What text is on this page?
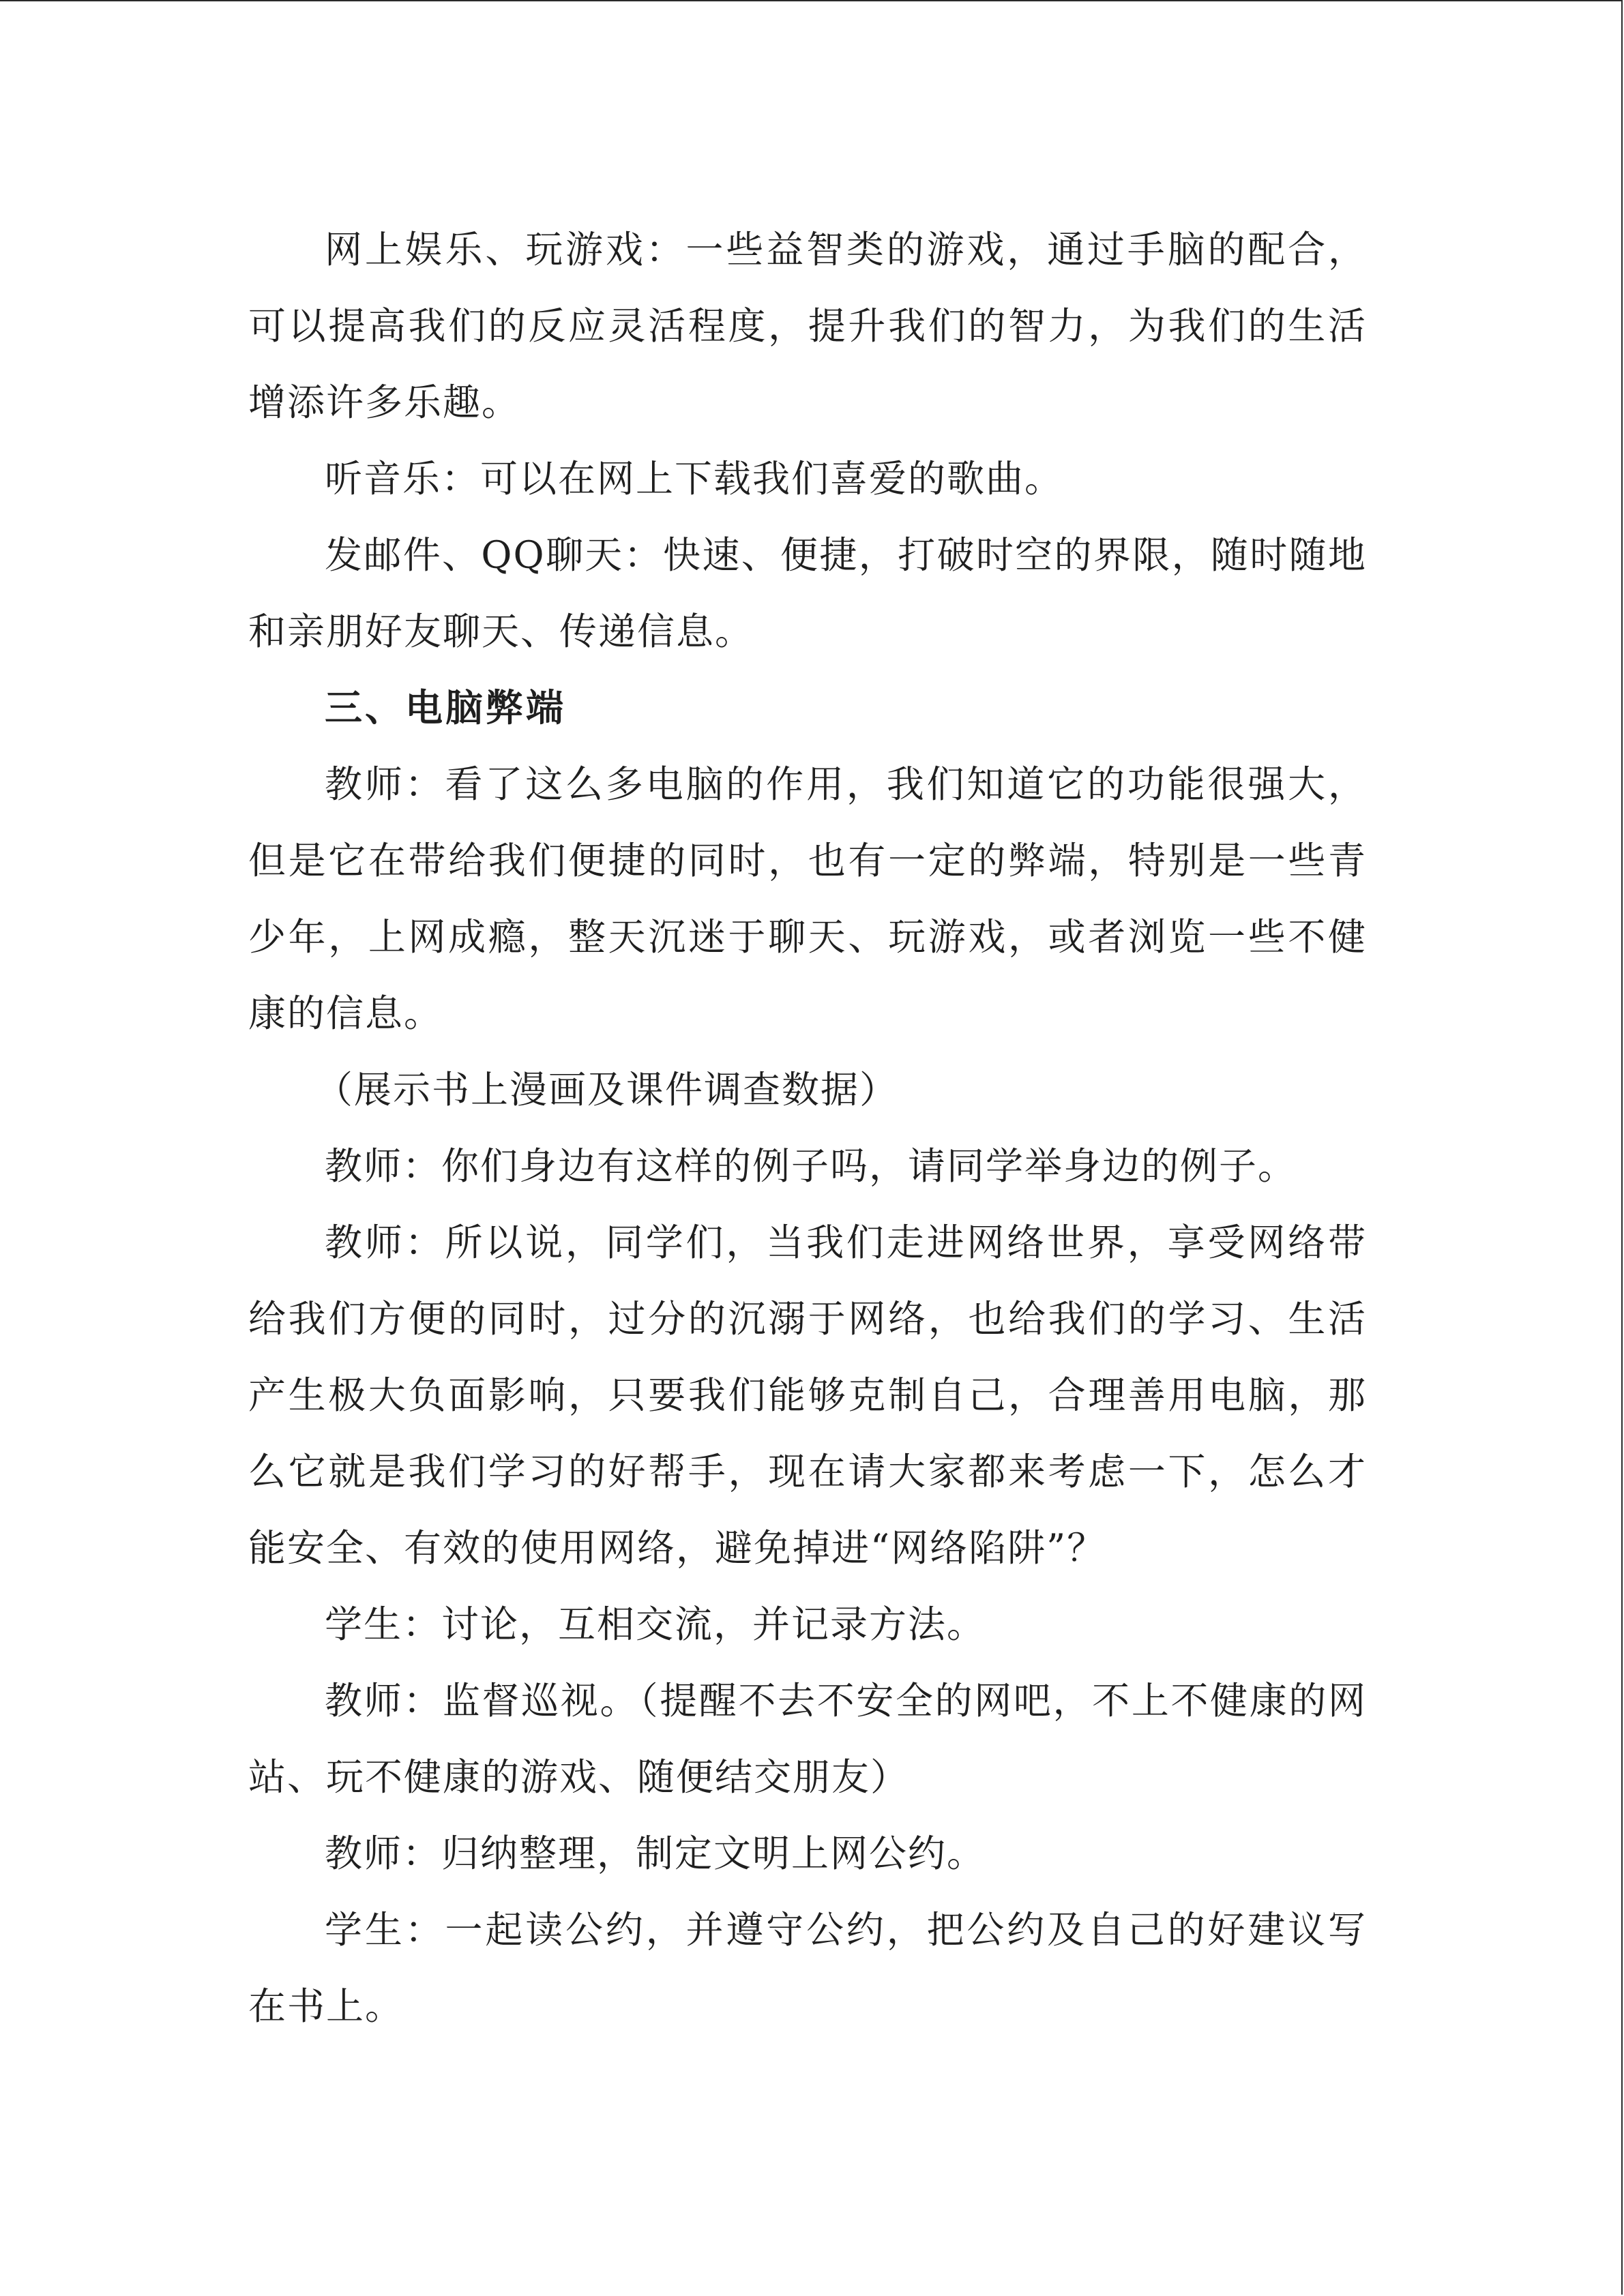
网上娱乐、玩游戏：一些益智类的游戏，通过手脑的配合，可以提高我们的反应灵活程度，提升我们的智力，为我们的生活增添许多乐趣。

听音乐：可以在网上下载我们喜爱的歌曲。

发邮件、QQ聊天：快速、便捷，打破时空的界限，随时随地和亲朋好友聊天、传递信息。

三、电脑弊端

教师：看了这么多电脑的作用，我们知道它的功能很强大，但是它在带给我们便捷的同时，也有一定的弊端，特别是一些青少年，上网成瘾，整天沉迷于聊天、玩游戏，或者浏览一些不健康的信息。

（展示书上漫画及课件调查数据）

教师：你们身边有这样的例子吗，请同学举身边的例子。

教师：所以说，同学们，当我们走进网络世界，享受网络带给我们方便的同时，过分的沉溺于网络，也给我们的学习、生活产生极大负面影响，只要我们能够克制自己，合理善用电脑，那么它就是我们学习的好帮手，现在请大家都来考虑一下，怎么才能安全、有效的使用网络，避免掉进“网络陷阱”？

学生：讨论，互相交流，并记录方法。

教师：监督巡视。（提醒不去不安全的网吧，不上不健康的网站、玩不健康的游戏、随便结交朋友）

教师：归纳整理，制定文明上网公约。

学生：一起读公约，并遵守公约，把公约及自己的好建议写在书上。
